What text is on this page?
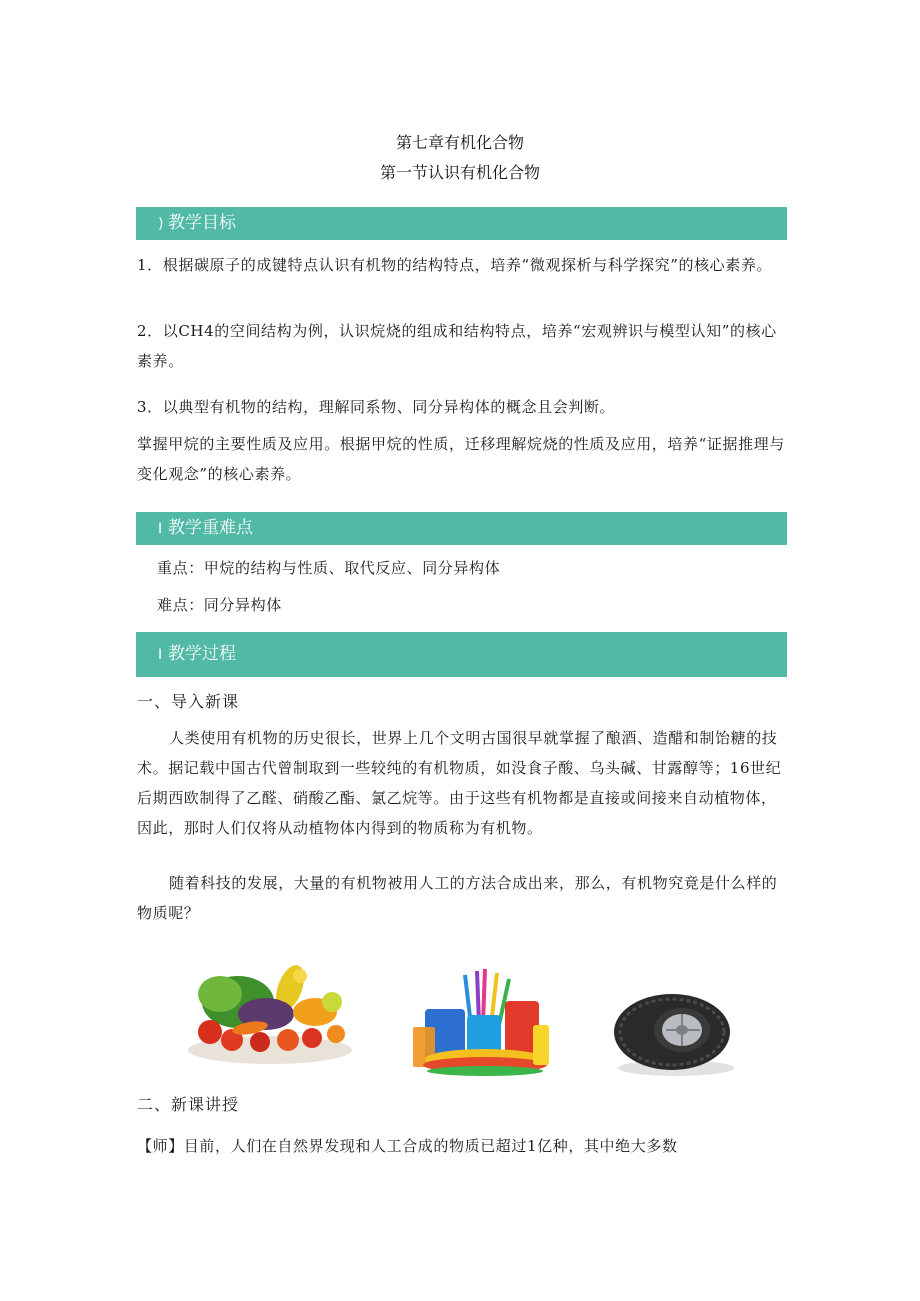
第七章有机化合物
第一节认识有机化合物
) 教学目标

1．根据碳原子的成键特点认识有机物的结构特点，培养“微观探析与科学探究”的核心素养。

2．以CH4的空间结构为例，认识烷烧的组成和结构特点，培养“宏观辨识与模型认知”的核心素养。

3．以典型有机物的结构，理解同系物、同分异构体的概念且会判断。

掌握甲烷的主要性质及应用。根据甲烷的性质，迁移理解烷烧的性质及应用，培养“证据推理与变化观念”的核心素养。

I 教学重难点
重点：甲烷的结构与性质、取代反应、同分异构体
难点：同分异构体
I 教学过程
一、导入新课

人类使用有机物的历史很长，世界上几个文明古国很早就掌握了酿酒、造醋和制饴糖的技术。据记载中国古代曾制取到一些较纯的有机物质，如没食子酸、乌头碱、甘露醇等；16世纪后期西欧制得了乙醛、硝酸乙酯、氯乙烷等。由于这些有机物都是直接或间接来自动植物体，因此，那时人们仅将从动植物体内得到的物质称为有机物。

随着科技的发展，大量的有机物被用人工的方法合成出来，那么，有机物究竟是什么样的物质呢？

二、新课讲授

【师】目前，人们在自然界发现和人工合成的物质已超过1亿种，其中绝大多数
